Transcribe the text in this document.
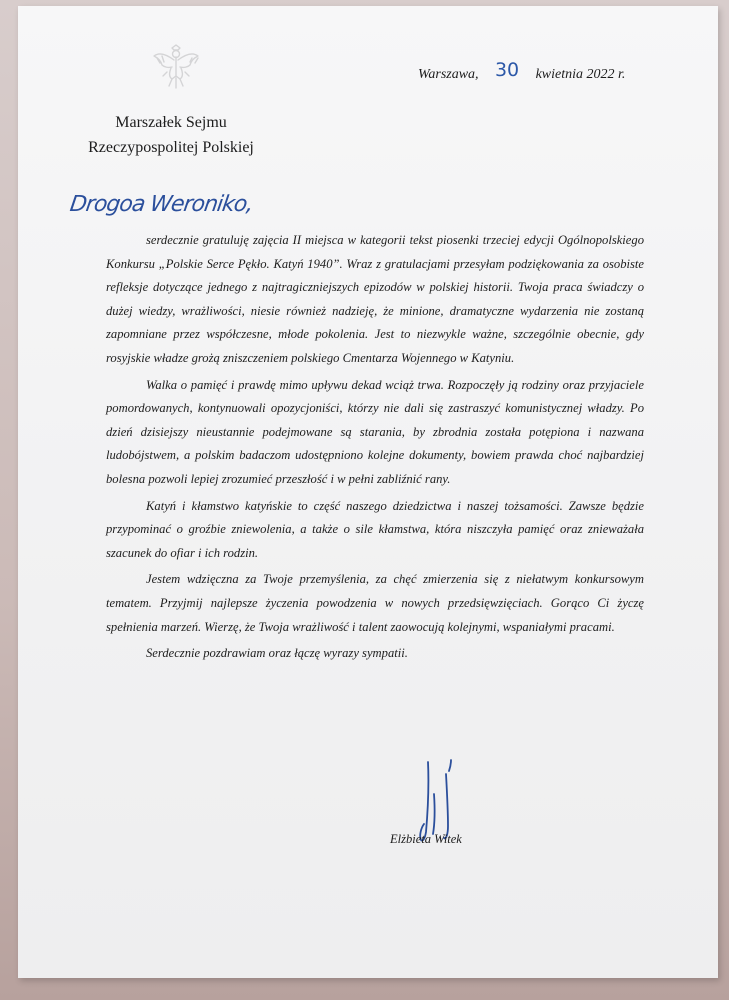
Warszawa, 30 kwietnia 2022 r.
Marszałek Sejmu
Rzeczypospolitej Polskiej
Drogoa Weroniko,

serdecznie gratuluję zajęcia II miejsca w kategorii tekst piosenki trzeciej edycji Ogólnopolskiego Konkursu „Polskie Serce Pękło. Katyń 1940”. Wraz z gratulacjami przesyłam podziękowania za osobiste refleksje dotyczące jednego z najtragiczniejszych epizodów w polskiej historii. Twoja praca świadczy o dużej wiedzy, wrażliwości, niesie również nadzieję, że minione, dramatyczne wydarzenia nie zostaną zapomniane przez współczesne, młode pokolenia. Jest to niezwykle ważne, szczególnie obecnie, gdy rosyjskie władze grożą zniszczeniem polskiego Cmentarza Wojennego w Katyniu.

Walka o pamięć i prawdę mimo upływu dekad wciąż trwa. Rozpoczęły ją rodziny oraz przyjaciele pomordowanych, kontynuowali opozycjoniści, którzy nie dali się zastraszyć komunistycznej władzy. Po dzień dzisiejszy nieustannie podejmowane są starania, by zbrodnia została potępiona i nazwana ludobójstwem, a polskim badaczom udostępniono kolejne dokumenty, bowiem prawda choć najbardziej bolesna pozwoli lepiej zrozumieć przeszłość i w pełni zabliźnić rany.

Katyń i kłamstwo katyńskie to część naszego dziedzictwa i naszej tożsamości. Zawsze będzie przypominać o groźbie zniewolenia, a także o sile kłamstwa, która niszczyła pamięć oraz znieważała szacunek do ofiar i ich rodzin.

Jestem wdzięczna za Twoje przemyślenia, za chęć zmierzenia się z niełatwym konkursowym tematem. Przyjmij najlepsze życzenia powodzenia w nowych przedsięwzięciach. Gorąco Ci życzę spełnienia marzeń. Wierzę, że Twoja wrażliwość i talent zaowocują kolejnymi, wspaniałymi pracami.

Serdecznie pozdrawiam oraz łączę wyrazy sympatii.

Elżbieta Witek
